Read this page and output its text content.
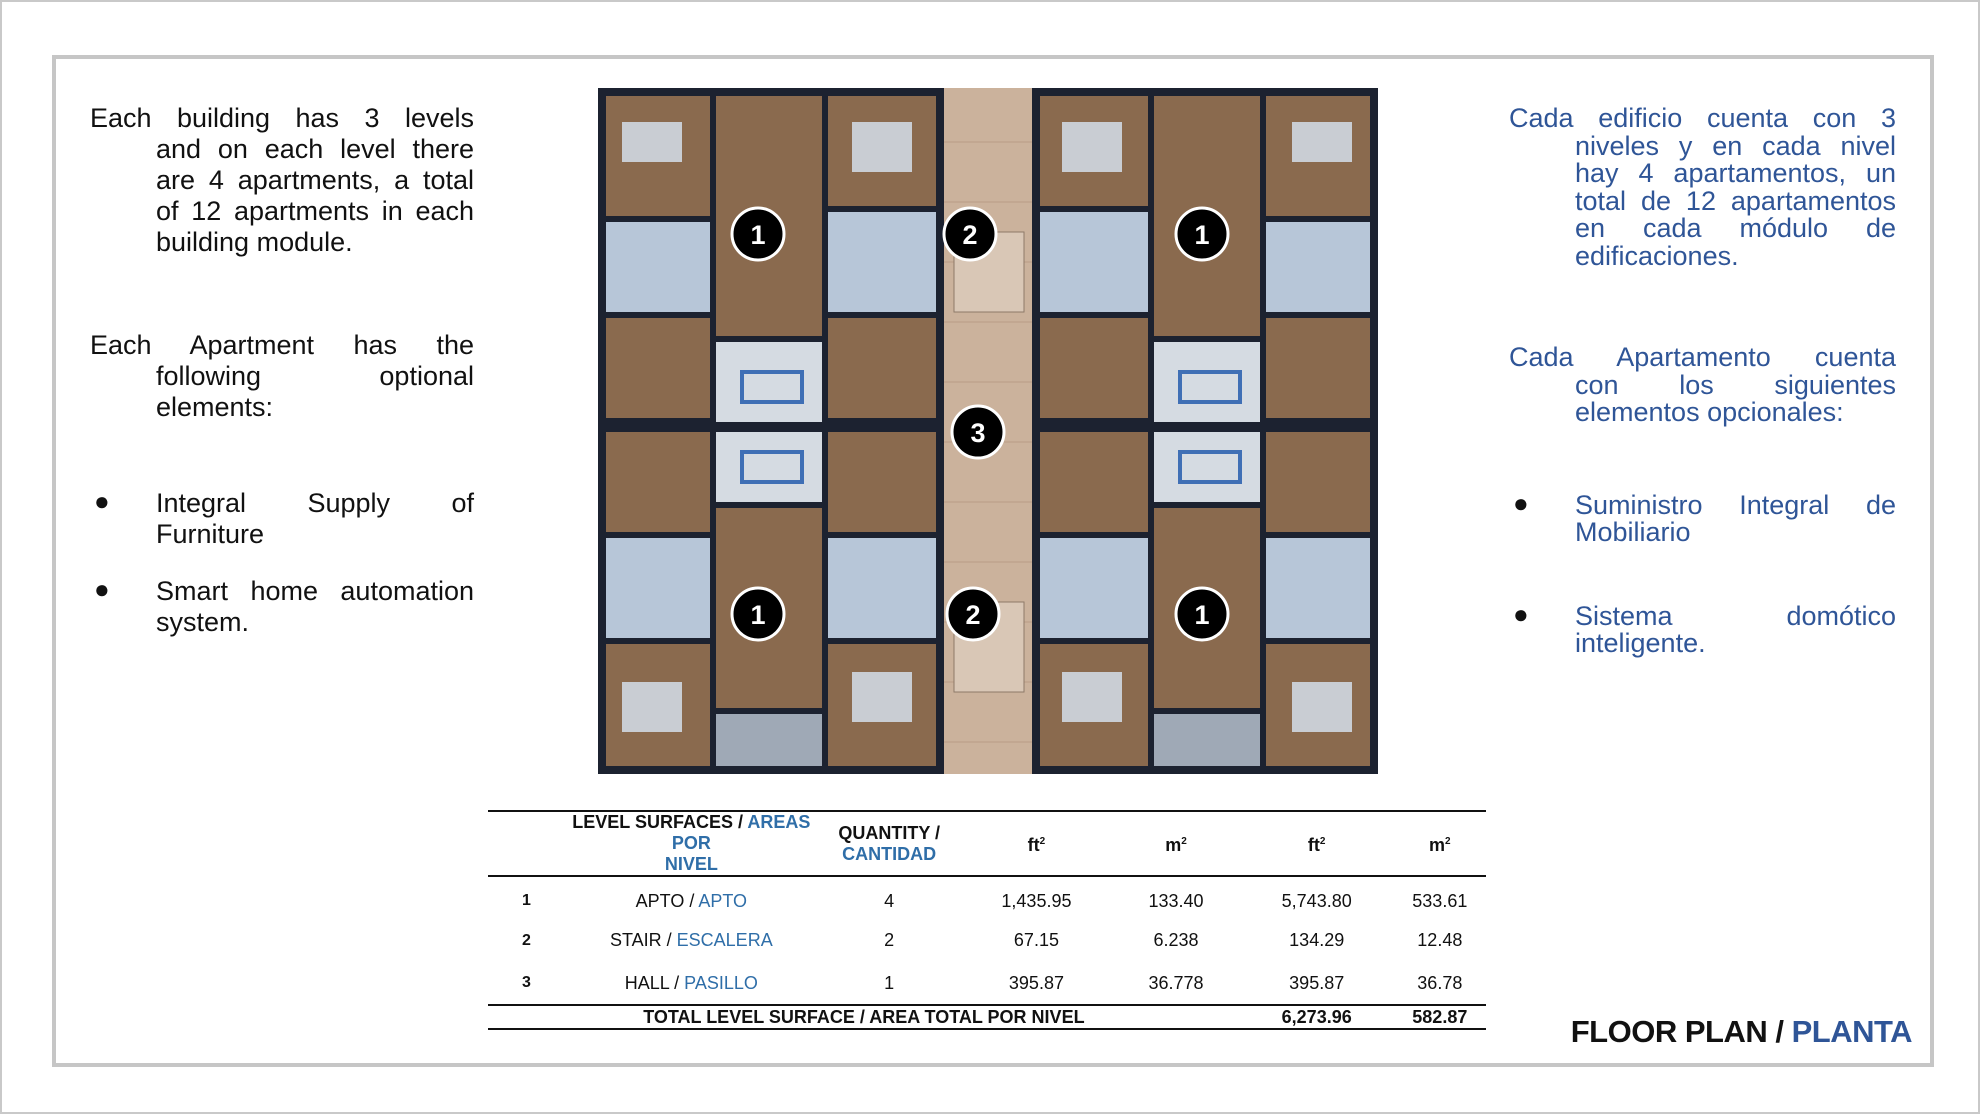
Each building has 3 levels
and on each level there
are 4 apartments, a total
of 12 apartments in each
building module.
Each Apartment has the
following optional
elements:
● Integral Supply of
Furniture
● Smart home automation
system.
1	2	1
3
1	2	1
	LEVEL SURFACES / AREAS POR
NIVEL	QUANTITY /
CANTIDAD	$ft^2$	$m^2$	$ft^2$	$m^2$
1	APTO / APTO	4	1,435.95	133.40	5,743.80	533.61
2	STAIR / ESCALERA	2	67.15	6.238	134.29	12.48
3	HALL / PASILLO	1	395.87	36.778	395.87	36.78
TOTAL LEVEL SURFACE / AREA TOTAL POR NIVEL					6,273.96	582.87
Cada edificio cuenta con 3
niveles y en cada nivel
hay 4 apartamentos, un
total de 12 apartamentos
en cada módulo de
edificaciones.
Cada Apartamento cuenta
con los siguientes
elementos opcionales:
● Suministro Integral de
Mobiliario
● Sistema domótico
inteligente.
FLOOR PLAN / PLANTA
